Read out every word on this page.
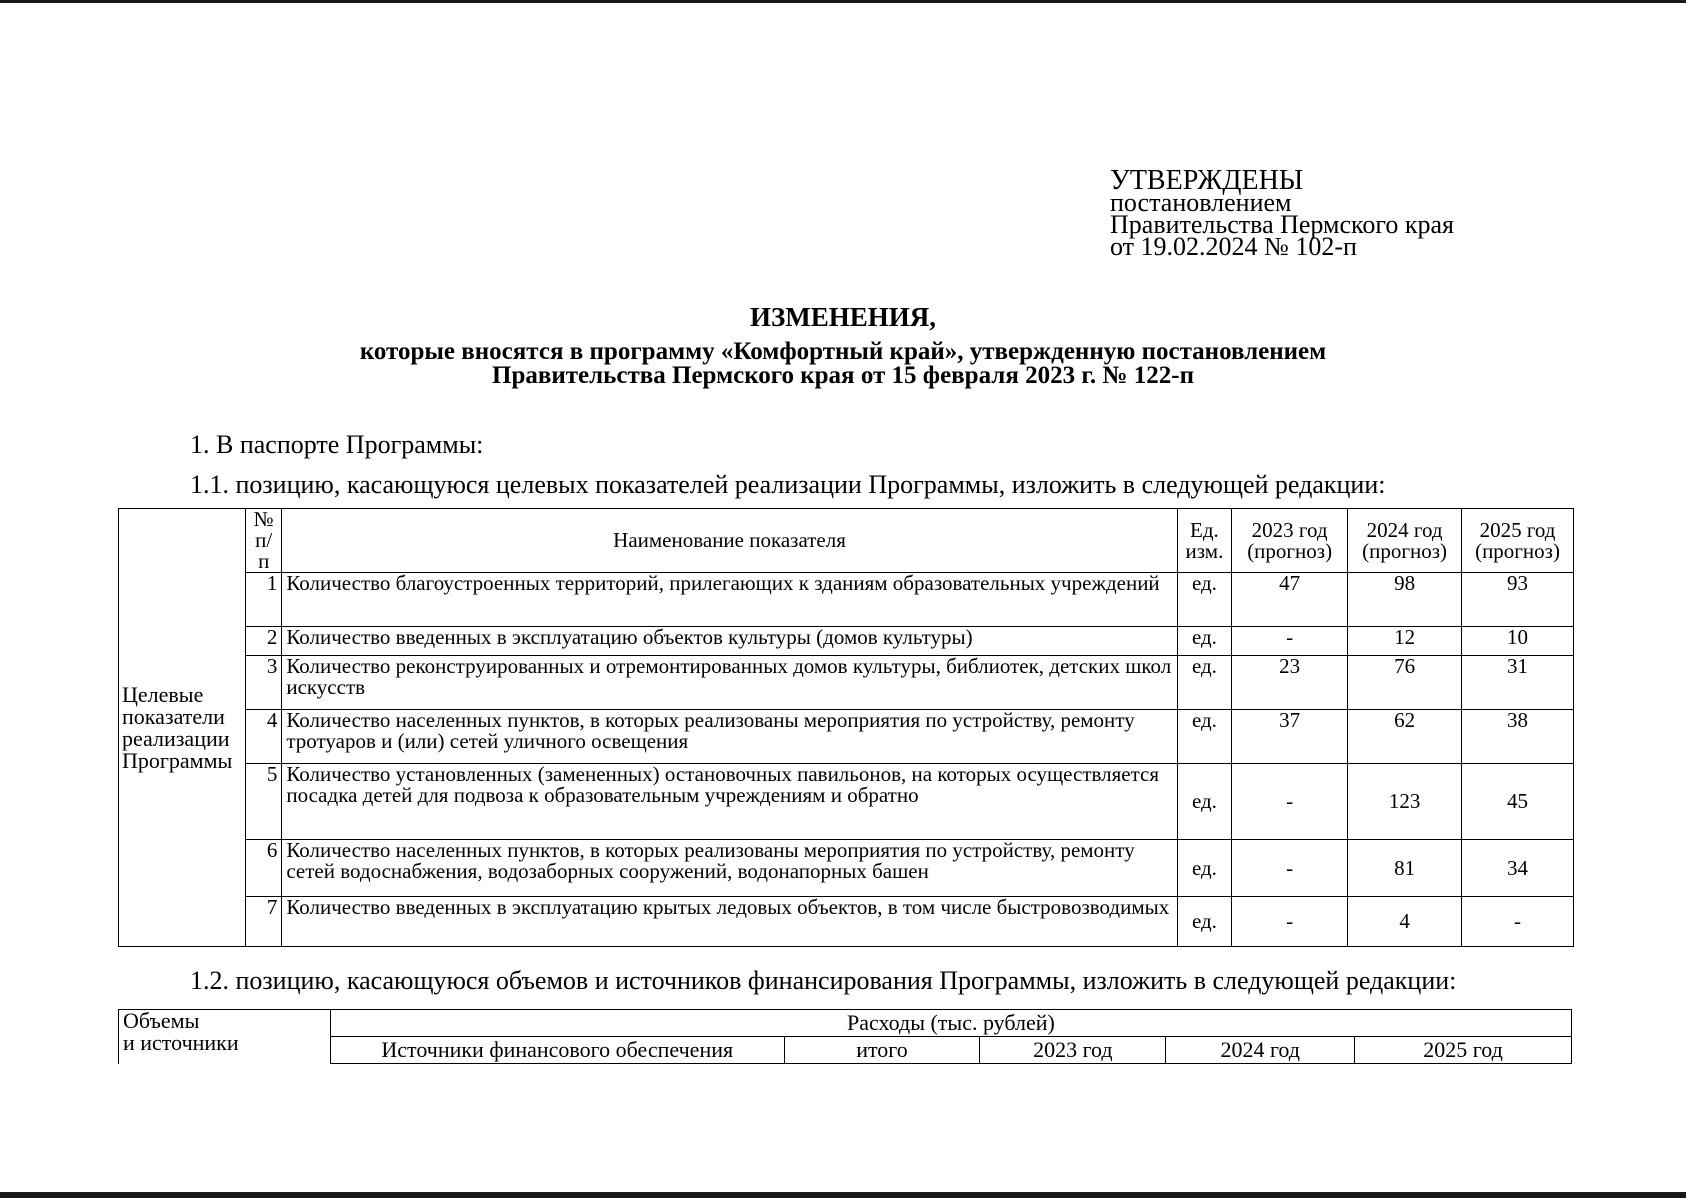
УТВЕРЖДЕНЫ
постановлением
Правительства Пермского края
от 19.02.2024 № 102-п
ИЗМЕНЕНИЯ,
которые вносятся в программу «Комфортный край», утвержденную постановлением
Правительства Пермского края от 15 февраля 2023 г. № 122-п
1. В паспорте Программы:
1.1. позицию, касающуюся целевых показателей реализации Программы, изложить в следующей редакции:
Целевые показатели реализации Программы	№ п/п	Наименование показателя	Ед. изм.	2023 год (прогноз)	2024 год (прогноз)	2025 год (прогноз)
	1	Количество благоустроенных территорий, прилегающих к зданиям образовательных учреждений	ед.	47	98	93
	2	Количество введенных в эксплуатацию объектов культуры (домов культуры)	ед.	-	12	10
	3	Количество реконструированных и отремонтированных домов культуры, библиотек, детских школ искусств	ед.	23	76	31
	4	Количество населенных пунктов, в которых реализованы мероприятия по устройству, ремонту тротуаров и (или) сетей уличного освещения	ед.	37	62	38
	5	Количество установленных (замененных) остановочных павильонов, на которых осуществляется посадка детей для подвоза к образовательным учреждениям и обратно	ед.	-	123	45
	6	Количество населенных пунктов, в которых реализованы мероприятия по устройству, ремонту сетей водоснабжения, водозаборных сооружений, водонапорных башен	ед.	-	81	34
	7	Количество введенных в эксплуатацию крытых ледовых объектов, в том числе быстровозводимых	ед.	-	4	-
1.2. позицию, касающуюся объемов и источников финансирования Программы, изложить в следующей редакции:
Объемы
и источники	Расходы (тыс. рублей)				
	Источники финансового обеспечения	итого	2023 год	2024 год	2025 год
